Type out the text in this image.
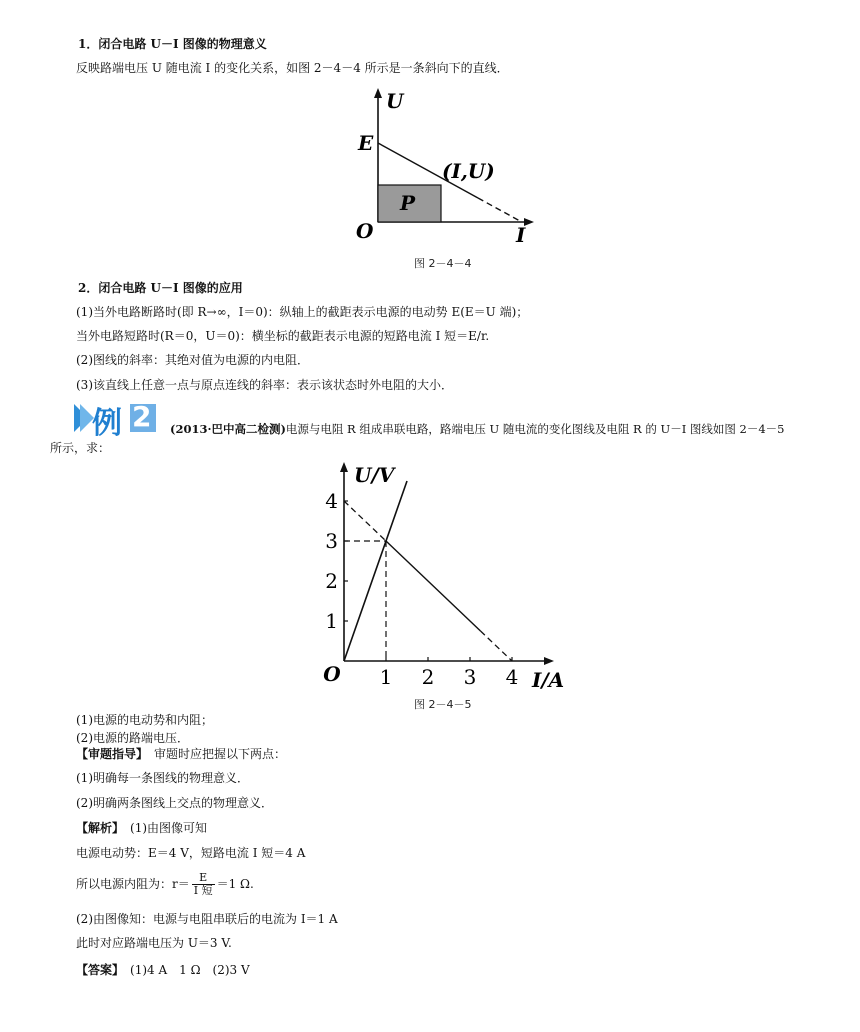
1．闭合电路 U－I 图像的物理意义
反映路端电压 U 随电流 I 的变化关系，如图 2－4－4 所示是一条斜向下的直线．
U
E
(I,U)
P
O	I
图 2－4－4
2．闭合电路 U－I 图像的应用
(1)当外电路断路时(即 R→∞，I＝0)：纵轴上的截距表示电源的电动势 E(E＝U 端)；
当外电路短路时(R＝0，U＝0)：横坐标的截距表示电源的短路电流 I 短＝E/r.
(2)图线的斜率：其绝对值为电源的内电阻．
(3)该直线上任意一点与原点连线的斜率：表示该状态时外电阻的大小．
例 2 (2013·巴中高二检测)电源与电阻 R 组成串联电路，路端电压 U 随电流的变化图线及电阻 R 的 U－I 图线如图 2－4－5
所示，求：
1 2 3 4
1
2
3
4
U/V
I/A
O
图 2－4－5
(1)电源的电动势和内阻；
(2)电源的路端电压．
【审题指导】　 审题时应把握以下两点：
(1)明确每一条图线的物理意义．
(2)明确两条图线上交点的物理意义．
【解析】　 (1)由图像可知
电源电动势：E＝4 V，短路电流 I 短＝4 A
所以电源内阻为：$r= \frac{E}{\text{I 短}} =1$ Ω.
(2)由图像知：电源与电阻串联后的电流为 I＝1 A
此时对应路端电压为 U＝3 V.
【答案】　 (1)4 A　1 Ω　(2)3 V
